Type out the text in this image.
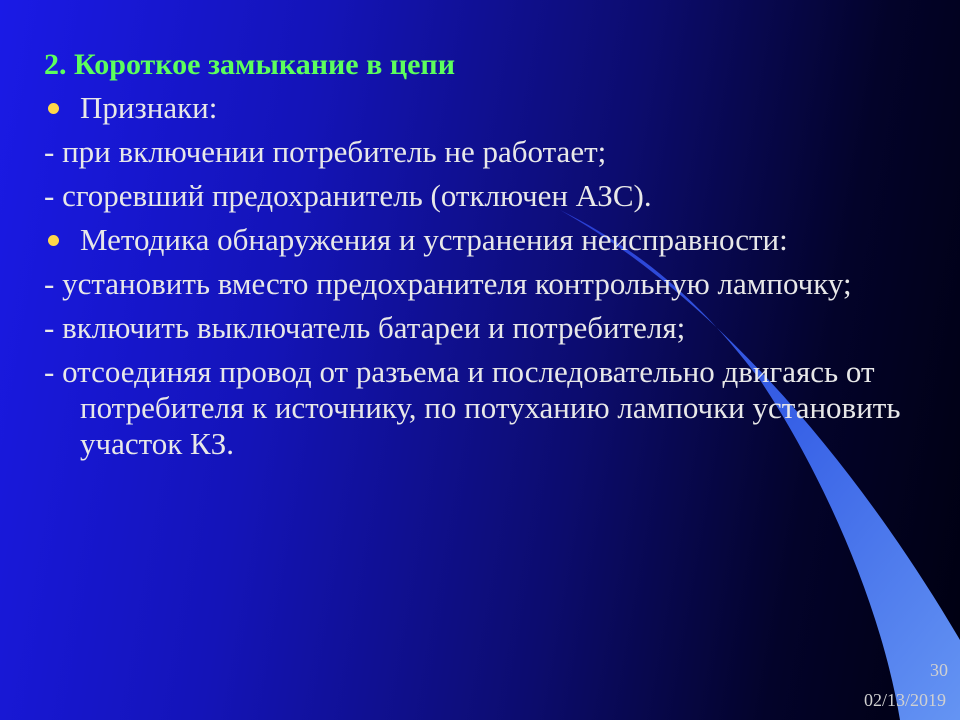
2. Короткое замыкание в цепи
Признаки:
- при включении потребитель не работает;
- сгоревший предохранитель (отключен АЗС).
Методика обнаружения и устранения неисправности:
- установить вместо предохранителя контрольную лампочку;
- включить выключатель батареи и потребителя;
- отсоединяя провод от разъема и последовательно двигаясь от потребителя к источнику, по потуханию лампочки установить участок КЗ.
30
02/13/2019
